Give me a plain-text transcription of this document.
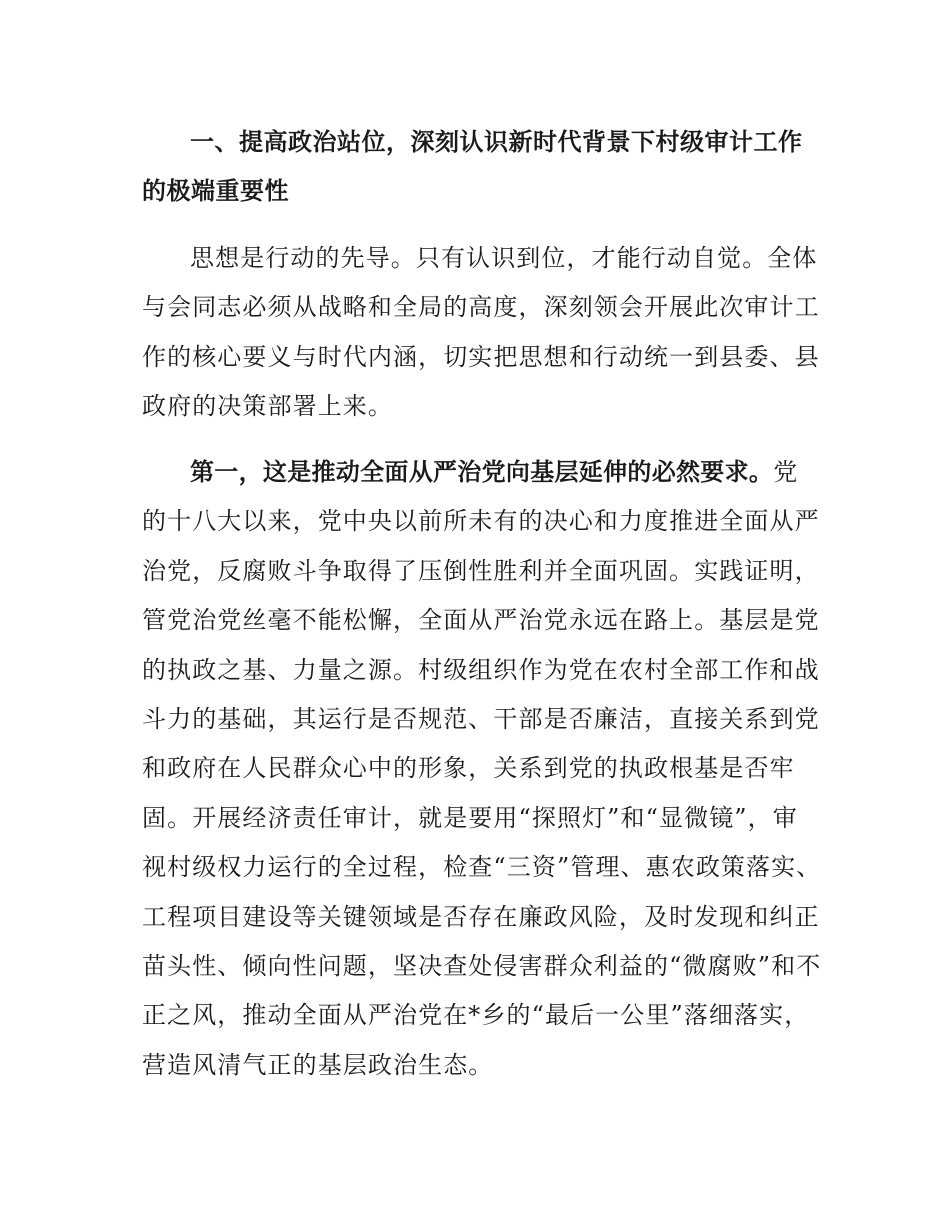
一、提高政治站位，深刻认识新时代背景下村级审计工作的极端重要性

思想是行动的先导。只有认识到位，才能行动自觉。全体与会同志必须从战略和全局的高度，深刻领会开展此次审计工作的核心要义与时代内涵，切实把思想和行动统一到县委、县政府的决策部署上来。

第一，这是推动全面从严治党向基层延伸的必然要求。党的十八大以来，党中央以前所未有的决心和力度推进全面从严治党，反腐败斗争取得了压倒性胜利并全面巩固。实践证明，管党治党丝毫不能松懈，全面从严治党永远在路上。基层是党的执政之基、力量之源。村级组织作为党在农村全部工作和战斗力的基础，其运行是否规范、干部是否廉洁，直接关系到党和政府在人民群众心中的形象，关系到党的执政根基是否牢固。开展经济责任审计，就是要用“探照灯”和“显微镜”，审视村级权力运行的全过程，检查“三资”管理、惠农政策落实、工程项目建设等关键领域是否存在廉政风险，及时发现和纠正苗头性、倾向性问题，坚决查处侵害群众利益的“微腐败”和不正之风，推动全面从严治党在*乡的“最后一公里”落细落实，营造风清气正的基层政治生态。
